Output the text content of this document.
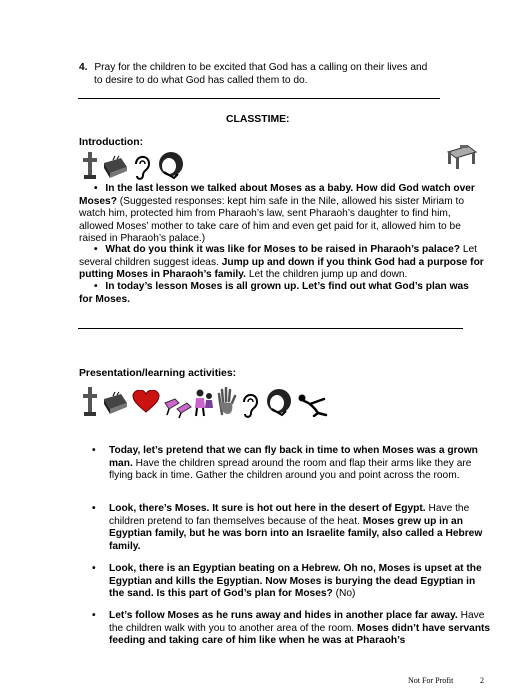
4. Pray for the children to be excited that God has a calling on their lives and
to desire to do what God has called them to do.
CLASSTIME:
Introduction:
• In the last lesson we talked about Moses as a baby. How did God watch over Moses? (Suggested responses: kept him safe in the Nile, allowed his sister Miriam to watch him, protected him from Pharaoh’s law, sent Pharaoh’s daughter to find him, allowed Moses’ mother to take care of him and even get paid for it, allowed him to be raised in Pharaoh’s palace.)
• What do you think it was like for Moses to be raised in Pharaoh’s palace? Let several children suggest ideas. Jump up and down if you think God had a purpose for putting Moses in Pharaoh’s family. Let the children jump up and down.
• In today’s lesson Moses is all grown up. Let’s find out what God’s plan was for Moses.
Presentation/learning activities:
• Today, let’s pretend that we can fly back in time to when Moses was a grown man. Have the children spread around the room and flap their arms like they are flying back in time. Gather the children around you and point across the room.
• Look, there’s Moses. It sure is hot out here in the desert of Egypt. Have the children pretend to fan themselves because of the heat. Moses grew up in an Egyptian family, but he was born into an Israelite family, also called a Hebrew family.
• Look, there is an Egyptian beating on a Hebrew. Oh no, Moses is upset at the Egyptian and kills the Egyptian. Now Moses is burying the dead Egyptian in the sand. Is this part of God’s plan for Moses? (No)
• Let’s follow Moses as he runs away and hides in another place far away. Have the children walk with you to another area of the room. Moses didn’t have servants feeding and taking care of him like when he was at Pharaoh’s
Not For Profit	2
